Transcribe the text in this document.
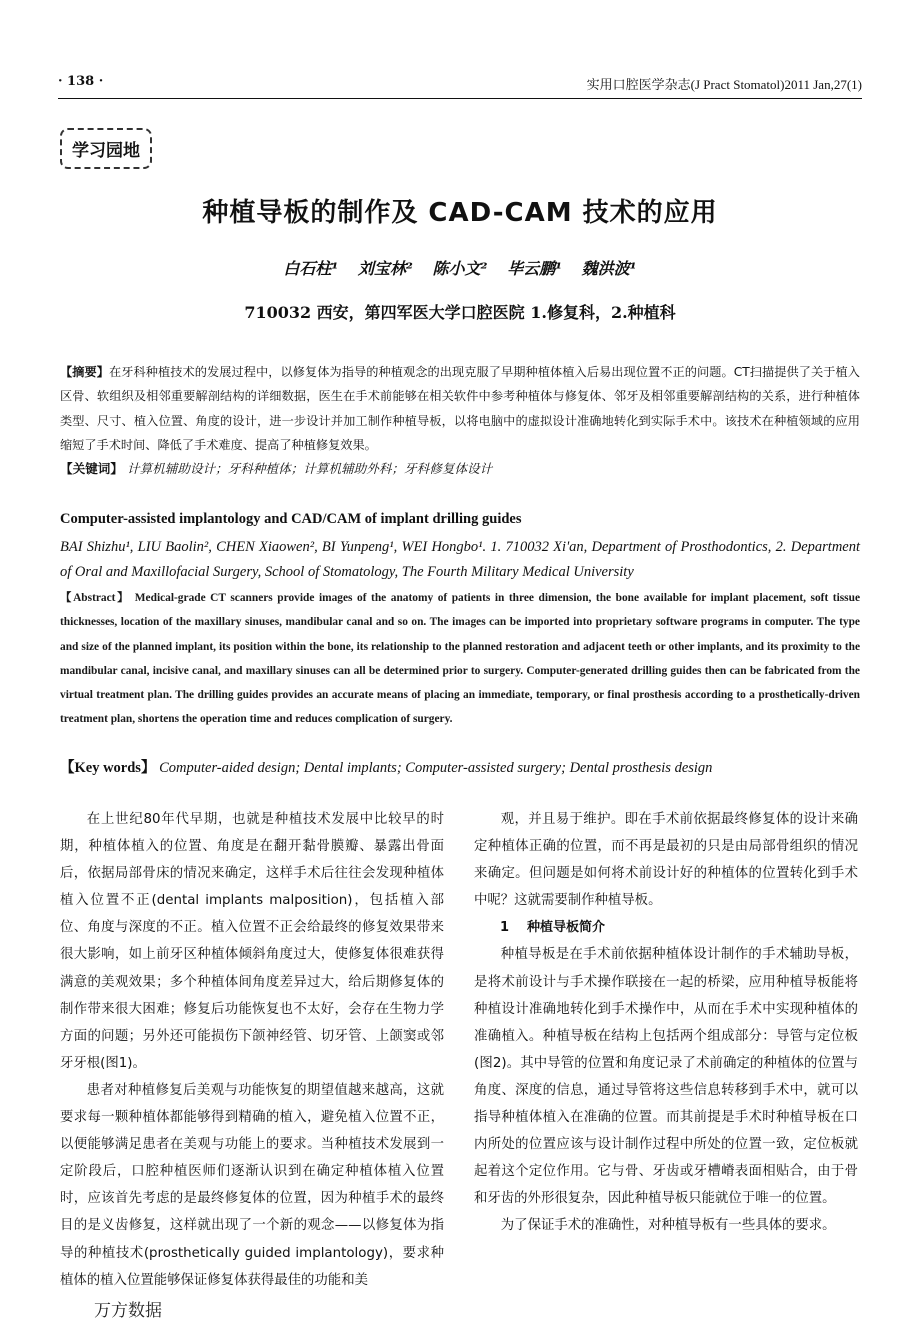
· 138 ·	实用口腔医学杂志(J Pract Stomatol)2011 Jan,27(1)
学习园地
种植导板的制作及 CAD-CAM 技术的应用
白石柱¹ 刘宝林² 陈小文² 毕云鹏¹ 魏洪波¹
710032 西安，第四军医大学口腔医院 1.修复科，2.种植科
【摘要】在牙科种植技术的发展过程中，以修复体为指导的种植观念的出现克服了早期种植体植入后易出现位置不正的问题。CT扫描提供了关于植入区骨、软组织及相邻重要解剖结构的详细数据，医生在手术前能够在相关软件中参考种植体与修复体、邻牙及相邻重要解剖结构的关系，进行种植体类型、尺寸、植入位置、角度的设计，进一步设计并加工制作种植导板，以将电脑中的虚拟设计准确地转化到实际手术中。该技术在种植领域的应用缩短了手术时间、降低了手术难度、提高了种植修复效果。
【关键词】 计算机辅助设计；牙科种植体；计算机辅助外科；牙科修复体设计
Computer-assisted implantology and CAD/CAM of implant drilling guides
BAI Shizhu¹, LIU Baolin², CHEN Xiaowen², BI Yunpeng¹, WEI Hongbo¹. 1. 710032 Xi'an, Department of Prosthodontics, 2. Department of Oral and Maxillofacial Surgery, School of Stomatology, The Fourth Military Medical University
【Abstract】 Medical-grade CT scanners provide images of the anatomy of patients in three dimension, the bone available for implant placement, soft tissue thicknesses, location of the maxillary sinuses, mandibular canal and so on. The images can be imported into proprietary software programs in computer. The type and size of the planned implant, its position within the bone, its relationship to the planned restoration and adjacent teeth or other implants, and its proximity to the mandibular canal, incisive canal, and maxillary sinuses can all be determined prior to surgery. Computer-generated drilling guides then can be fabricated from the virtual treatment plan. The drilling guides provides an accurate means of placing an immediate, temporary, or final prosthesis according to a prosthetically-driven treatment plan, shortens the operation time and reduces complication of surgery.
【Key words】 Computer-aided design; Dental implants; Computer-assisted surgery; Dental prosthesis design

在上世纪80年代早期，也就是种植技术发展中比较早的时期，种植体植入的位置、角度是在翻开黏骨膜瓣、暴露出骨面后，依据局部骨床的情况来确定，这样手术后往往会发现种植体植入位置不正(dental implants malposition)，包括植入部位、角度与深度的不正。植入位置不正会给最终的修复效果带来很大影响，如上前牙区种植体倾斜角度过大，使修复体很难获得满意的美观效果；多个种植体间角度差异过大，给后期修复体的制作带来很大困难；修复后功能恢复也不太好，会存在生物力学方面的问题；另外还可能损伤下颌神经管、切牙管、上颌窦或邻牙牙根(图1)。

患者对种植修复后美观与功能恢复的期望值越来越高，这就要求每一颗种植体都能够得到精确的植入，避免植入位置不正，以便能够满足患者在美观与功能上的要求。当种植技术发展到一定阶段后，口腔种植医师们逐渐认识到在确定种植体植入位置时，应该首先考虑的是最终修复体的位置，因为种植手术的最终目的是义齿修复，这样就出现了一个新的观念——以修复体为指导的种植技术(prosthetically guided implantology)，要求种植体的植入位置能够保证修复体获得最佳的功能和美

观，并且易于维护。即在手术前依据最终修复体的设计来确定种植体正确的位置，而不再是最初的只是由局部骨组织的情况来确定。但问题是如何将术前设计好的种植体的位置转化到手术中呢？这就需要制作种植导板。

1 种植导板简介

种植导板是在手术前依据种植体设计制作的手术辅助导板，是将术前设计与手术操作联接在一起的桥梁，应用种植导板能将种植设计准确地转化到手术操作中，从而在手术中实现种植体的准确植入。种植导板在结构上包括两个组成部分：导管与定位板(图2)。其中导管的位置和角度记录了术前确定的种植体的位置与角度、深度的信息，通过导管将这些信息转移到手术中，就可以指导种植体植入在准确的位置。而其前提是手术时种植导板在口内所处的位置应该与设计制作过程中所处的位置一致，定位板就起着这个定位作用。它与骨、牙齿或牙槽嵴表面相贴合，由于骨和牙齿的外形很复杂，因此种植导板只能就位于唯一的位置。

为了保证手术的准确性，对种植导板有一些具体的要求。

万方数据
